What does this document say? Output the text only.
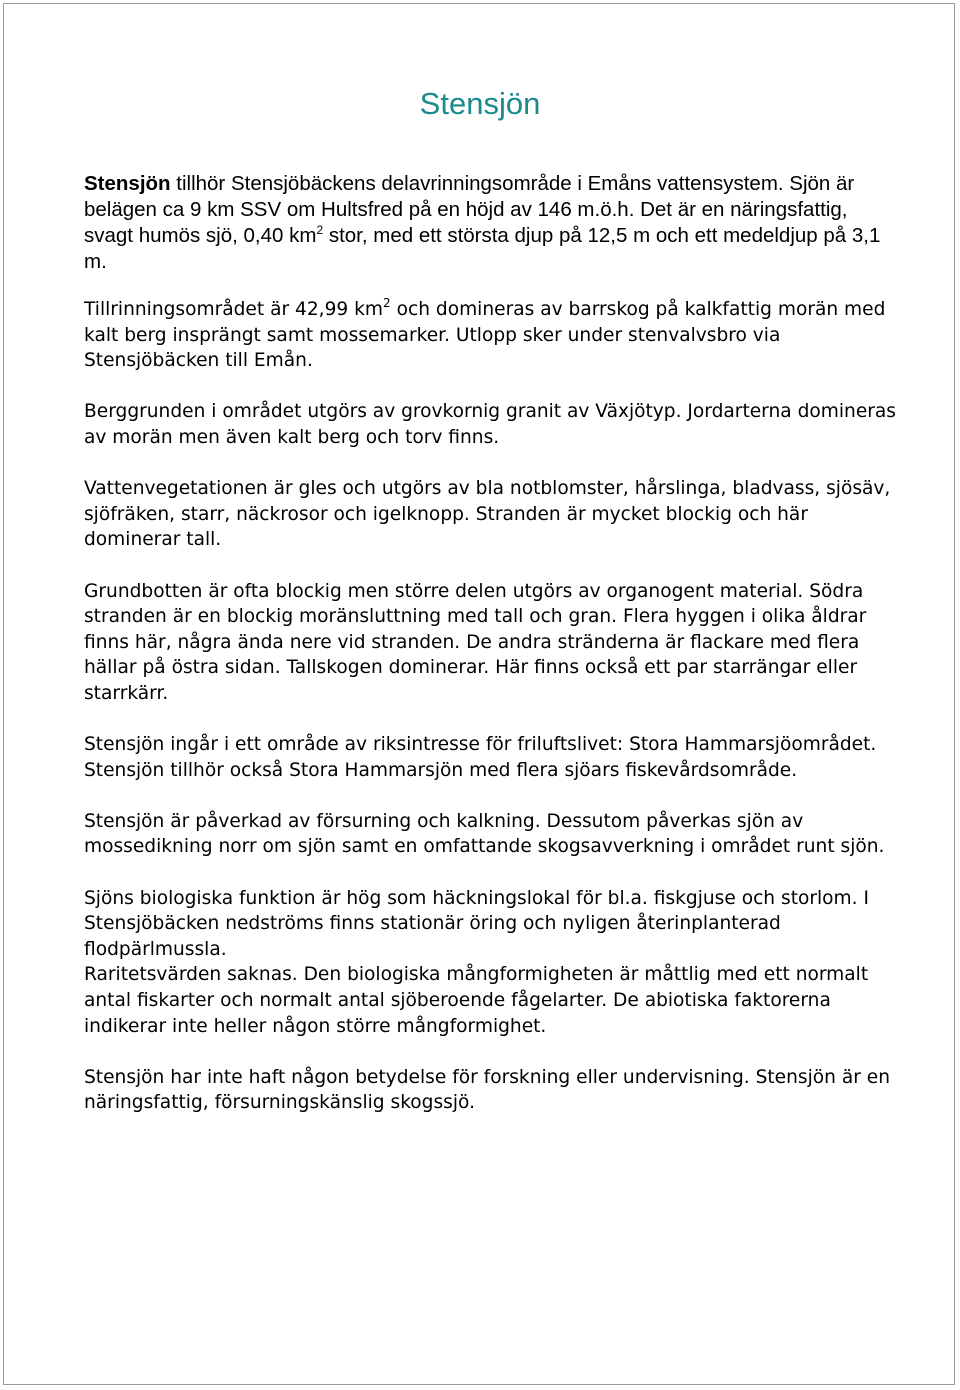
Stensjön

Stensjön tillhör Stensjöbäckens delavrinningsområde i Emåns vattensystem. Sjön är belägen ca 9 km SSV om Hultsfred på en höjd av 146 m.ö.h. Det är en näringsfattig, svagt humös sjö, 0,40 $km^2$ stor, med ett största djup på 12,5 m och ett medeldjup på 3,1 m.

Tillrinningsområdet är 42,99 $km^2$ och domineras av barrskog på kalkfattig morän med kalt berg insprängt samt mossemarker. Utlopp sker under stenvalvsbro via Stensjöbäcken till Emån.

Berggrunden i området utgörs av grovkornig granit av Växjötyp. Jordarterna domineras av morän men även kalt berg och torv finns.

Vattenvegetationen är gles och utgörs av bla notblomster, hårslinga, bladvass, sjösäv, sjöfräken, starr, näckrosor och igelknopp. Stranden är mycket blockig och här dominerar tall.

Grundbotten är ofta blockig men större delen utgörs av organogent material. Södra stranden är en blockig moränsluttning med tall och gran. Flera hyggen i olika åldrar finns här, några ända nere vid stranden. De andra stränderna är flackare med flera hällar på östra sidan. Tallskogen dominerar. Här finns också ett par starrängar eller starrkärr.

Stensjön ingår i ett område av riksintresse för friluftslivet: Stora Hammarsjöområdet. Stensjön tillhör också Stora Hammarsjön med flera sjöars fiskevårdsområde.

Stensjön är påverkad av försurning och kalkning. Dessutom påverkas sjön av mossedikning norr om sjön samt en omfattande skogsavverkning i området runt sjön.

Sjöns biologiska funktion är hög som häckningslokal för bl.a. fiskgjuse och storlom. I Stensjöbäcken nedströms finns stationär öring och nyligen återinplanterad flodpärlmussla.

Raritetsvärden saknas. Den biologiska mångformigheten är måttlig med ett normalt antal fiskarter och normalt antal sjöberoende fågelarter. De abiotiska faktorerna indikerar inte heller någon större mångformighet.

Stensjön har inte haft någon betydelse för forskning eller undervisning. Stensjön är en näringsfattig, försurningskänslig skogssjö.
